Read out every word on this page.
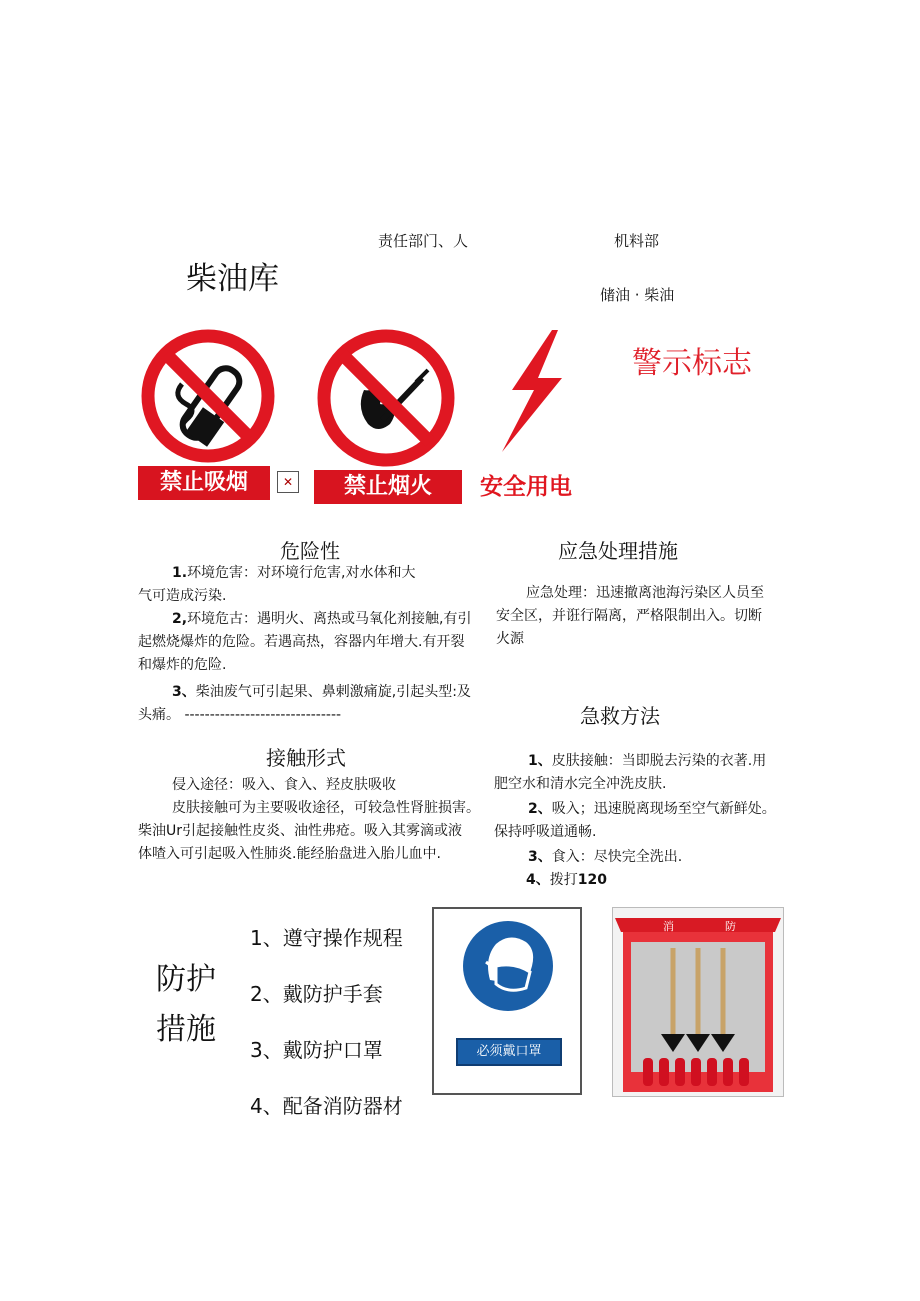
责任部门、人	机料部
柴油库	储油 · 柴油
警示标志
禁止吸烟	✕	禁止烟火	安全用电
危险性
1.环境危害：对环境行危害,对水体和大
气可造成污染.
2,环境危古：遇明火、离热或马氧化剂接触,有引
起燃烧爆炸的危险。若遇高热，容器内年增大.有开裂
和爆炸的危险.
3、柴油废气可引起果、鼻剌激痛旋,引起头型:及
头痛。 -------------------------------
接触形式
侵入途径：吸入、食入、羟皮肤吸收
皮肤接触可为主要吸收途径，可较急性肾脏损害。
柴油Ur引起接触性皮炎、油性弗疮。吸入其雾滴或液
体喳入可引起吸入性肺炎.能经胎盘进入胎儿血中.
应急处理措施
应急处理：迅速撤离池海污染区人员至
安全区，并诳行隔离，严格限制出入。切断
火源
急救方法
1、皮肤接触：当即脱去污染的衣著.用
肥空水和清水完全冲洗皮肤.
2、吸入；迅速脱离现场至空气新鲜处。
保持呼吸道通畅.
3、食入：尽快完全洗出.
4、拨打120
防护
措施
1、遵守操作规程
2、戴防护手套
3、戴防护口罩
4、配备消防器材
必须戴口罩
消	防
